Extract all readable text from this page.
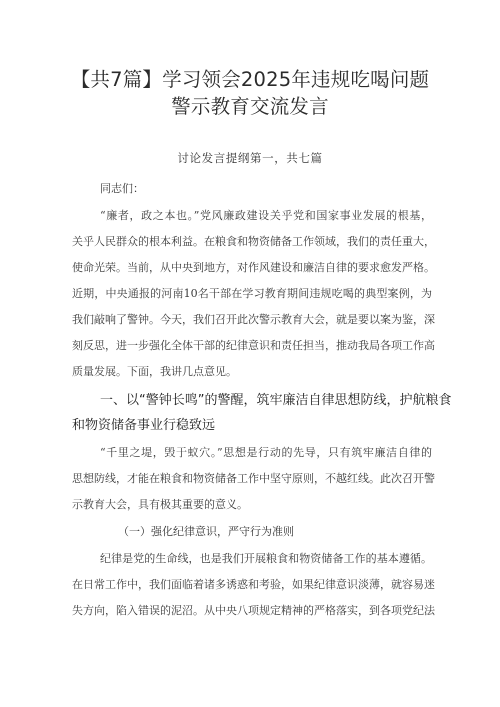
【共7篇】学习领会2025年违规吃喝问题
警示教育交流发言
讨论发言提纲第一，共七篇
同志们：
“廉者，政之本也。”党风廉政建设关乎党和国家事业发展的根基，
关乎人民群众的根本利益。在粮食和物资储备工作领域，我们的责任重大，
使命光荣。当前，从中央到地方，对作风建设和廉洁自律的要求愈发严格。
近期，中央通报的河南10名干部在学习教育期间违规吃喝的典型案例，为
我们敲响了警钟。今天，我们召开此次警示教育大会，就是要以案为鉴，深
刻反思，进一步强化全体干部的纪律意识和责任担当，推动我局各项工作高
质量发展。下面，我讲几点意见。
一、以“警钟长鸣”的警醒，筑牢廉洁自律思想防线，护航粮食
和物资储备事业行稳致远
“千里之堤，毁于蚁穴。”思想是行动的先导，只有筑牢廉洁自律的
思想防线，才能在粮食和物资储备工作中坚守原则，不越红线。此次召开警
示教育大会，具有极其重要的意义。
（一）强化纪律意识，严守行为准则
纪律是党的生命线，也是我们开展粮食和物资储备工作的基本遵循。
在日常工作中，我们面临着诸多诱惑和考验，如果纪律意识淡薄，就容易迷
失方向，陷入错误的泥沼。从中央八项规定精神的严格落实，到各项党纪法
